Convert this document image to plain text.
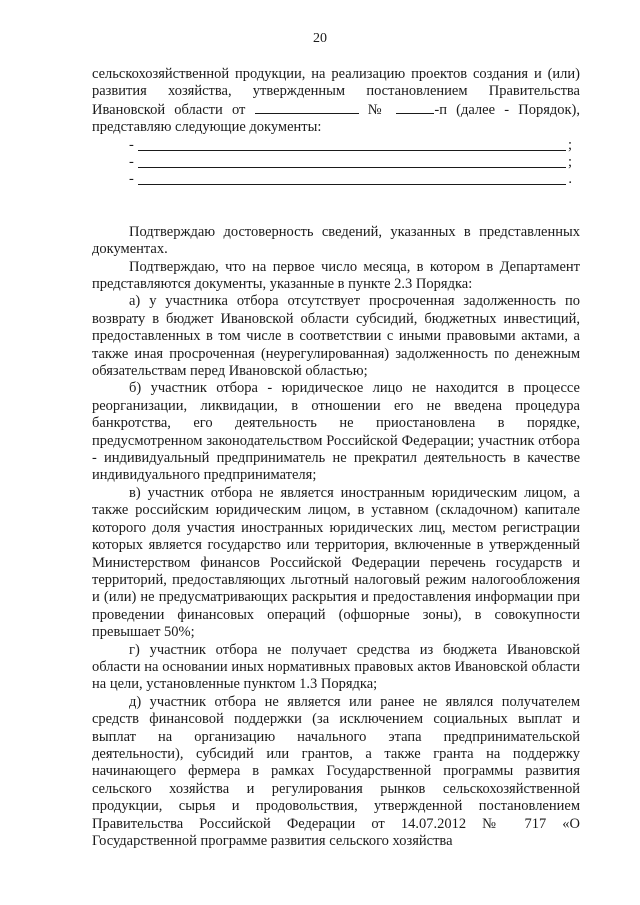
20

сельскохозяйственной продукции, на реализацию проектов создания и (или) развития хозяйства, утвержденным постановлением Правительства Ивановской области от	№	-п (далее - Порядок), представляю следующие документы:

-	;
-	;
-	.

Подтверждаю достоверность сведений, указанных в представленных документах.

Подтверждаю, что на первое число месяца, в котором в Департамент представляются документы, указанные в пункте 2.3 Порядка:

а) у участника отбора отсутствует просроченная задолженность по возврату в бюджет Ивановской области субсидий, бюджетных инвестиций, предоставленных в том числе в соответствии с иными правовыми актами, а также иная просроченная (неурегулированная) задолженность по денежным обязательствам перед Ивановской областью;

б) участник отбора - юридическое лицо не находится в процессе реорганизации, ликвидации, в отношении его не введена процедура банкротства, его деятельность не приостановлена в порядке, предусмотренном законодательством Российской Федерации; участник отбора - индивидуальный предприниматель не прекратил деятельность в качестве индивидуального предпринимателя;

в) участник отбора не является иностранным юридическим лицом, а также российским юридическим лицом, в уставном (складочном) капитале которого доля участия иностранных юридических лиц, местом регистрации которых является государство или территория, включенные в утвержденный Министерством финансов Российской Федерации перечень государств и территорий, предоставляющих льготный налоговый режим налогообложения и (или) не предусматривающих раскрытия и предоставления информации при проведении финансовых операций (офшорные зоны), в совокупности превышает 50%;

г) участник отбора не получает средства из бюджета Ивановской области на основании иных нормативных правовых актов Ивановской области на цели, установленные пунктом 1.3 Порядка;

д) участник отбора не является или ранее не являлся получателем средств финансовой поддержки (за исключением социальных выплат и выплат на организацию начального этапа предпринимательской деятельности), субсидий или грантов, а также гранта на поддержку начинающего фермера в рамках Государственной программы развития сельского хозяйства и регулирования рынков сельскохозяйственной продукции, сырья и продовольствия, утвержденной постановлением Правительства Российской Федерации от 14.07.2012 № 717 «О Государственной программе развития сельского хозяйства
